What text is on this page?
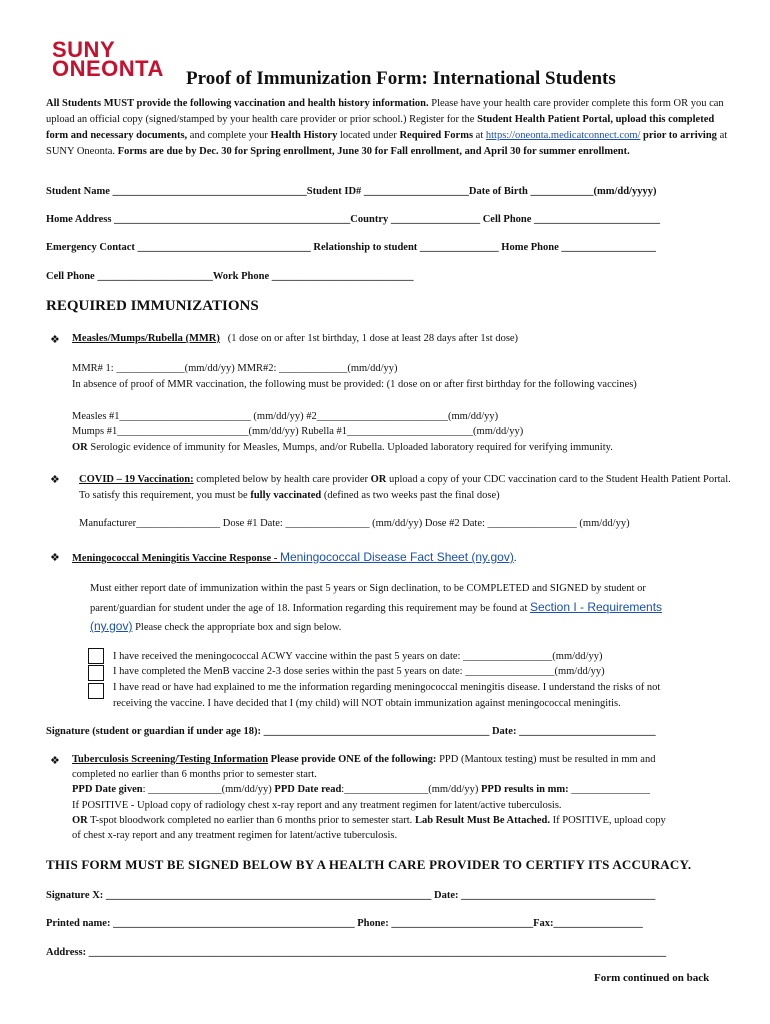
SUNY
ONEONTA Proof of Immunization Form: International Students
All Students MUST provide the following vaccination and health history information. Please have your health care provider complete this form OR you can upload an official copy (signed/stamped by your health care provider or prior school.) Register for the Student Health Patient Portal, upload this completed form and necessary documents, and complete your Health History located under Required Forms at https://oneonta.medicatconnect.com/ prior to arriving at SUNY Oneonta. Forms are due by Dec. 30 for Spring enrollment, June 30 for Fall enrollment, and April 30 for summer enrollment.
Student Name _____________________________________Student ID# ____________________Date of Birth ____________(mm/dd/yyyy)
Home Address _____________________________________________Country _________________ Cell Phone ________________________
Emergency Contact _________________________________ Relationship to student _______________ Home Phone __________________
Cell Phone ______________________Work Phone ___________________________
REQUIRED IMMUNIZATIONS
❖ Measles/Mumps/Rubella (MMR) (1 dose on or after 1st birthday, 1 dose at least 28 days after 1st dose)
MMR# 1: _____________(mm/dd/yy) MMR#2: _____________(mm/dd/yy)
In absence of proof of MMR vaccination, the following must be provided: (1 dose on or after first birthday for the following vaccines)
Measles #1_________________________ (mm/dd/yy) #2_________________________(mm/dd/yy)
Mumps #1_________________________(mm/dd/yy) Rubella #1________________________(mm/dd/yy)
OR Serologic evidence of immunity for Measles, Mumps, and/or Rubella. Uploaded laboratory required for verifying immunity.
❖ COVID – 19 Vaccination: completed below by health care provider OR upload a copy of your CDC vaccination card to the Student Health Patient Portal. To satisfy this requirement, you must be fully vaccinated (defined as two weeks past the final dose)
Manufacturer________________ Dose #1 Date: ________________ (mm/dd/yy) Dose #2 Date: _________________ (mm/dd/yy)
❖ Meningococcal Meningitis Vaccine Response - Meningococcal Disease Fact Sheet (ny.gov).
Must either report date of immunization within the past 5 years or Sign declination, to be COMPLETED and SIGNED by student or
parent/guardian for student under the age of 18. Information regarding this requirement may be found at Section I - Requirements
(ny.gov) Please check the appropriate box and sign below.
I have received the meningococcal ACWY vaccine within the past 5 years on date: _________________(mm/dd/yy)
I have completed the MenB vaccine 2-3 dose series within the past 5 years on date: _________________(mm/dd/yy)
I have read or have had explained to me the information regarding meningococcal meningitis disease. I understand the risks of not
receiving the vaccine. I have decided that I (my child) will NOT obtain immunization against meningococcal meningitis.
Signature (student or guardian if under age 18): ___________________________________________ Date: __________________________
❖ Tuberculosis Screening/Testing Information Please provide ONE of the following: PPD (Mantoux testing) must be resulted in mm and
completed no earlier than 6 months prior to semester start.
PPD Date given: ______________(mm/dd/yy) PPD Date read:________________(mm/dd/yy) PPD results in mm: _______________
If POSITIVE - Upload copy of radiology chest x-ray report and any treatment regimen for latent/active tuberculosis.
OR T-spot bloodwork completed no earlier than 6 months prior to semester start. Lab Result Must Be Attached. If POSITIVE, upload copy
of chest x-ray report and any treatment regimen for latent/active tuberculosis.
THIS FORM MUST BE SIGNED BELOW BY A HEALTH CARE PROVIDER TO CERTIFY ITS ACCURACY.
Signature X: ______________________________________________________________ Date: _____________________________________
Printed name: ______________________________________________ Phone: ___________________________Fax:_________________
Address: ______________________________________________________________________________________________________________
Form continued on back
